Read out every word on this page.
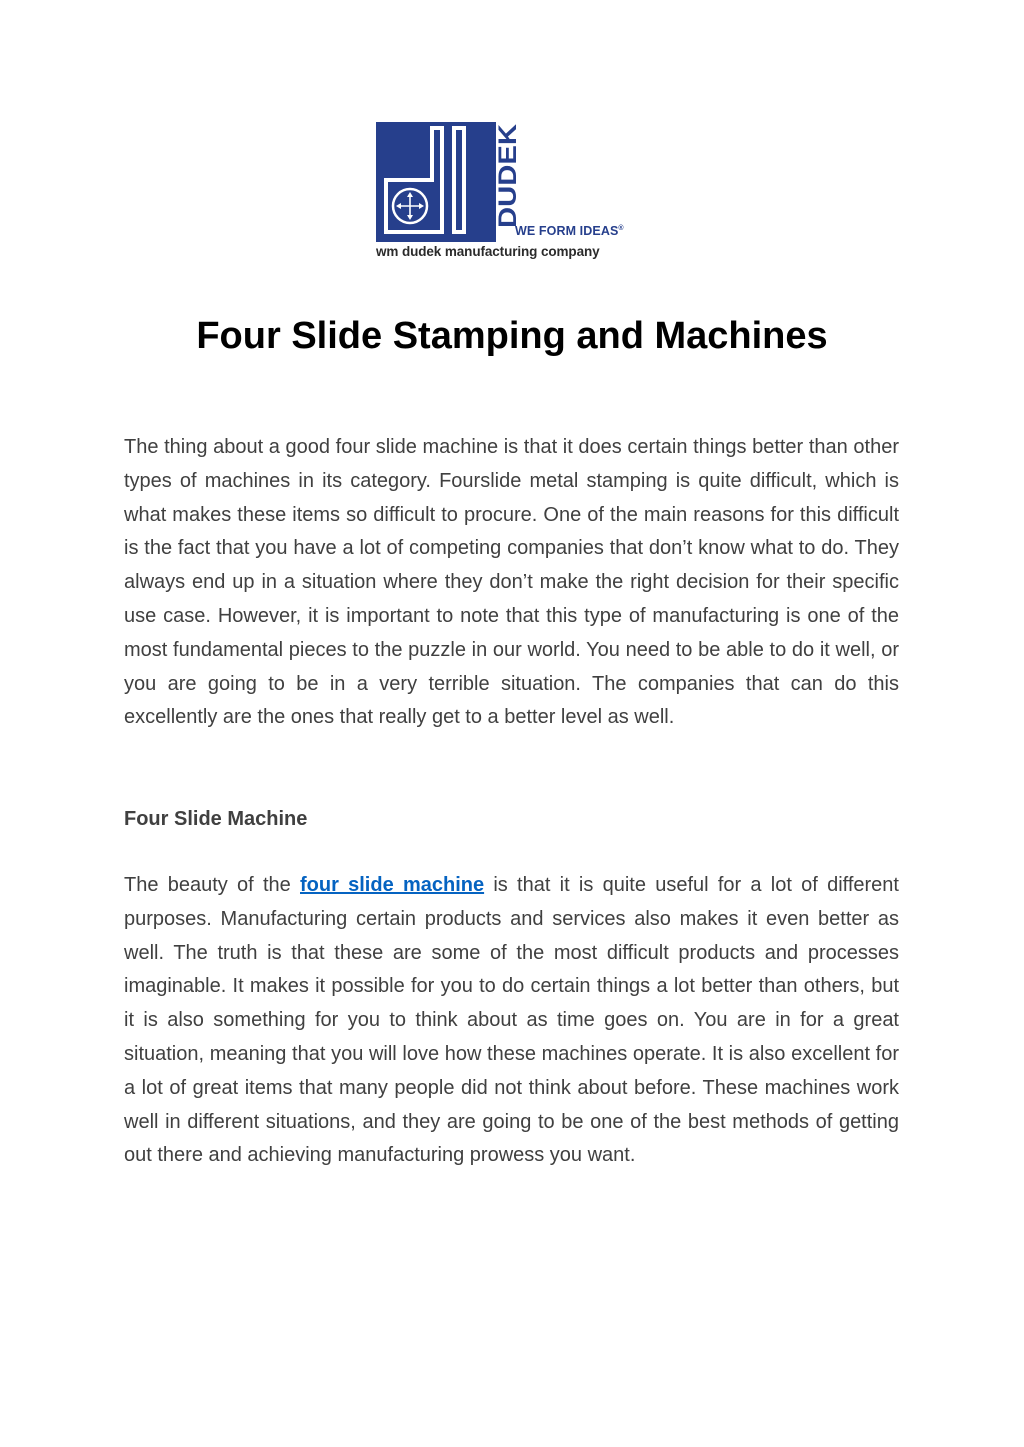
DUDEK

WE FORM IDEAS®

wm dudek manufacturing company

Four Slide Stamping and Machines

The thing about a good four slide machine is that it does certain things better than other types of machines in its category. Fourslide metal stamping is quite difficult, which is what makes these items so difficult to procure. One of the main reasons for this difficult is the fact that you have a lot of competing companies that don’t know what to do. They always end up in a situation where they don’t make the right decision for their specific use case. However, it is important to note that this type of manufacturing is one of the most fundamental pieces to the puzzle in our world. You need to be able to do it well, or you are going to be in a very terrible situation. The companies that can do this excellently are the ones that really get to a better level as well.

Four Slide Machine

The beauty of the four slide machine is that it is quite useful for a lot of different purposes. Manufacturing certain products and services also makes it even better as well. The truth is that these are some of the most difficult products and processes imaginable. It makes it possible for you to do certain things a lot better than others, but it is also something for you to think about as time goes on. You are in for a great situation, meaning that you will love how these machines operate. It is also excellent for a lot of great items that many people did not think about before. These machines work well in different situations, and they are going to be one of the best methods of getting out there and achieving manufacturing prowess you want.
